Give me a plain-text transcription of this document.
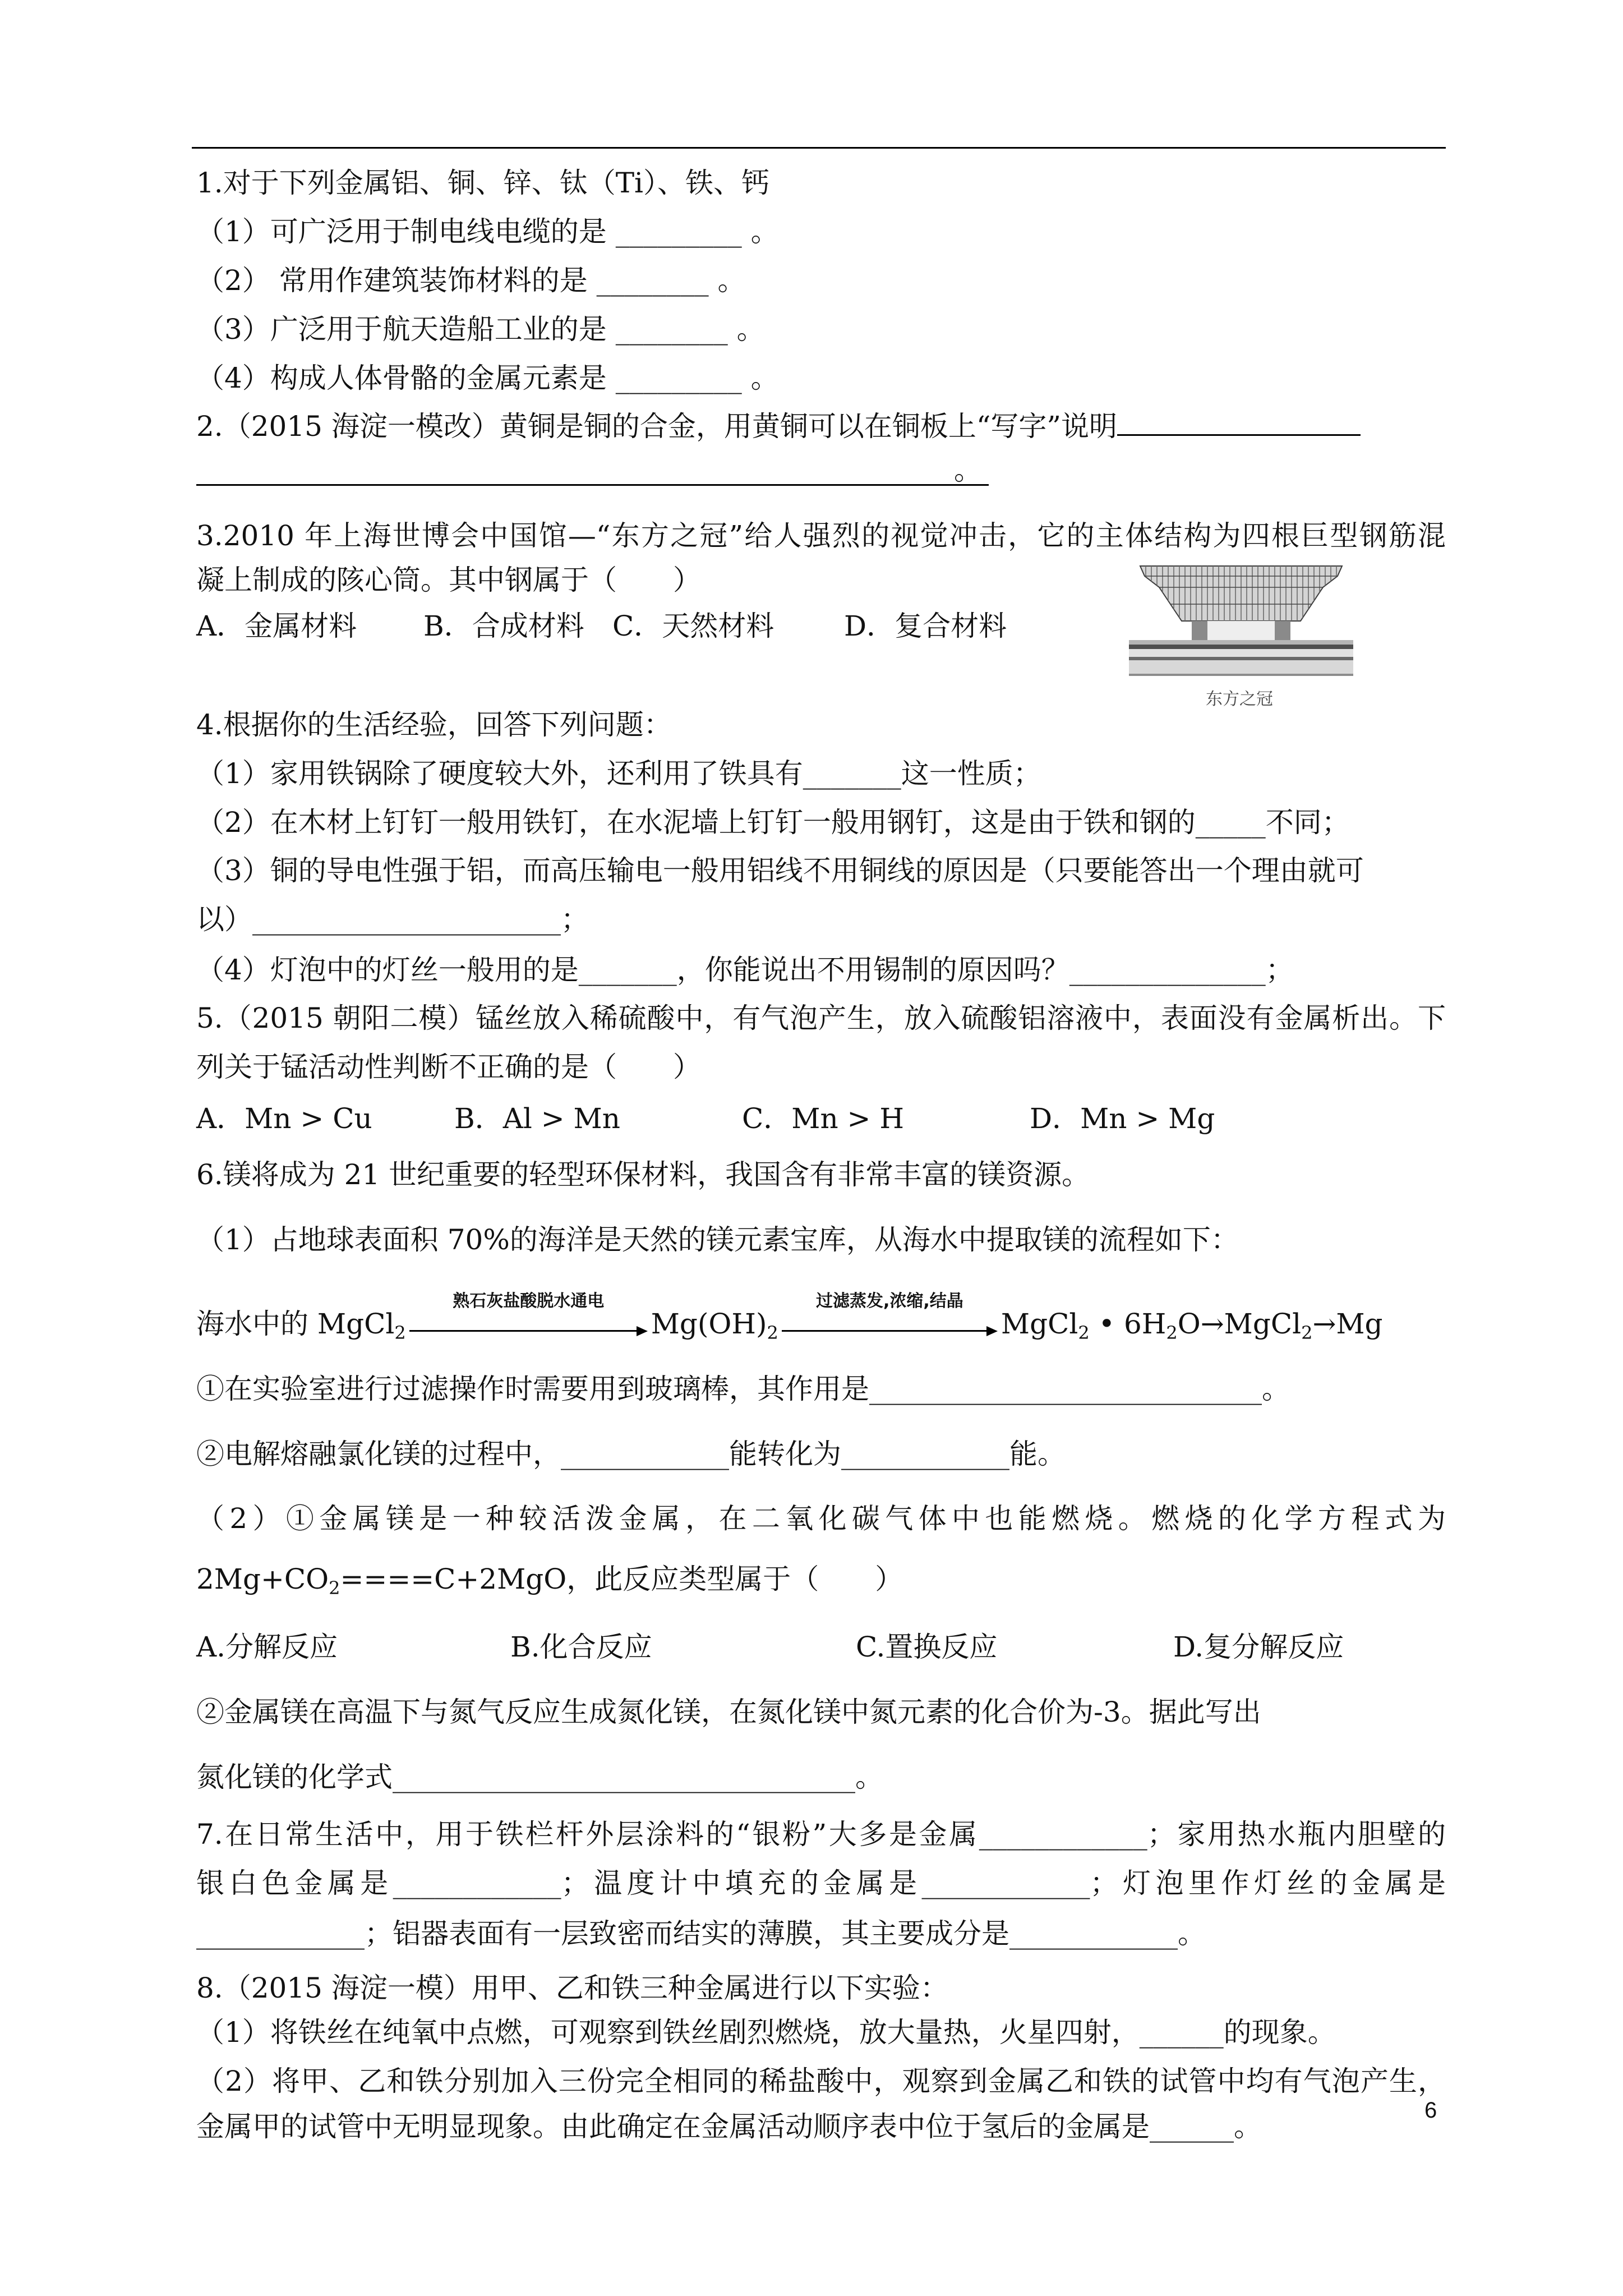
1.对于下列金属铝、铜、锌、钛（Ti）、铁、钙
（1）可广泛用于制电线电缆的是 _________ 。
（2） 常用作建筑装饰材料的是 ________ 。
（3）广泛用于航天造船工业的是 ________ 。
（4）构成人体骨骼的金属元素是 _________ 。
2.（2015 海淀一模改）黄铜是铜的合金，用黄铜可以在铜板上“写字”说明
。
3.2010 年上海世博会中国馆—“东方之冠”给人强烈的视觉冲击，它的主体结构为四根巨型钢筋混
凝上制成的陔心筒。其中钢属于（　　）
A．金属材料 B．合成材料 C．天然材料 D．复合材料
东方之冠
4.根据你的生活经验，回答下列问题：
（1）家用铁锅除了硬度较大外，还利用了铁具有_______这一性质；
（2）在木材上钉钉一般用铁钉，在水泥墙上钉钉一般用钢钉，这是由于铁和钢的_____不同；
（3）铜的导电性强于铝，而高压输电一般用铝线不用铜线的原因是（只要能答出一个理由就可
以）______________________；
（4）灯泡中的灯丝一般用的是_______，你能说出不用锡制的原因吗？______________；
5.（2015 朝阳二模）锰丝放入稀硫酸中，有气泡产生，放入硫酸铝溶液中，表面没有金属析出。下
列关于锰活动性判断不正确的是（　　）
A．Mn > Cu	B．Al > Mn	C．Mn > H	D．Mn > Mg
6.镁将成为 21 世纪重要的轻型环保材料，我国含有非常丰富的镁资源。
（1）占地球表面积 70%的海洋是天然的镁元素宝库，从海水中提取镁的流程如下：
海水中的 MgCl$_2$
熟石灰盐酸脱水通电
$Mg(OH)_2$
过滤蒸发,浓缩,结晶
MgCl$_2$ • $6H_2O\to MgCl_2\to Mg$
①在实验室进行过滤操作时需要用到玻璃棒，其作用是____________________________。
②电解熔融氯化镁的过程中，____________能转化为____________能。
（2）①金属镁是一种较活泼金属，在二氧化碳气体中也能燃烧。燃烧的化学方程式为
$2Mg+CO_2====C+2MgO$，此反应类型属于（　　）
A.分解反应	B.化合反应	C.置换反应	D.复分解反应
②金属镁在高温下与氮气反应生成氮化镁，在氮化镁中氮元素的化合价为-3。据此写出
氮化镁的化学式_________________________________。
7.在日常生活中，用于铁栏杆外层涂料的“银粉”大多是金属____________；家用热水瓶内胆壁的
银白色金属是____________；温度计中填充的金属是____________；灯泡里作灯丝的金属是
____________；铝器表面有一层致密而结实的薄膜，其主要成分是____________。
8.（2015 海淀一模）用甲、乙和铁三种金属进行以下实验：
（1）将铁丝在纯氧中点燃，可观察到铁丝剧烈燃烧，放大量热，火星四射，______的现象。
（2）将甲、乙和铁分别加入三份完全相同的稀盐酸中，观察到金属乙和铁的试管中均有气泡产生，
金属甲的试管中无明显现象。由此确定在金属活动顺序表中位于氢后的金属是______。	6
